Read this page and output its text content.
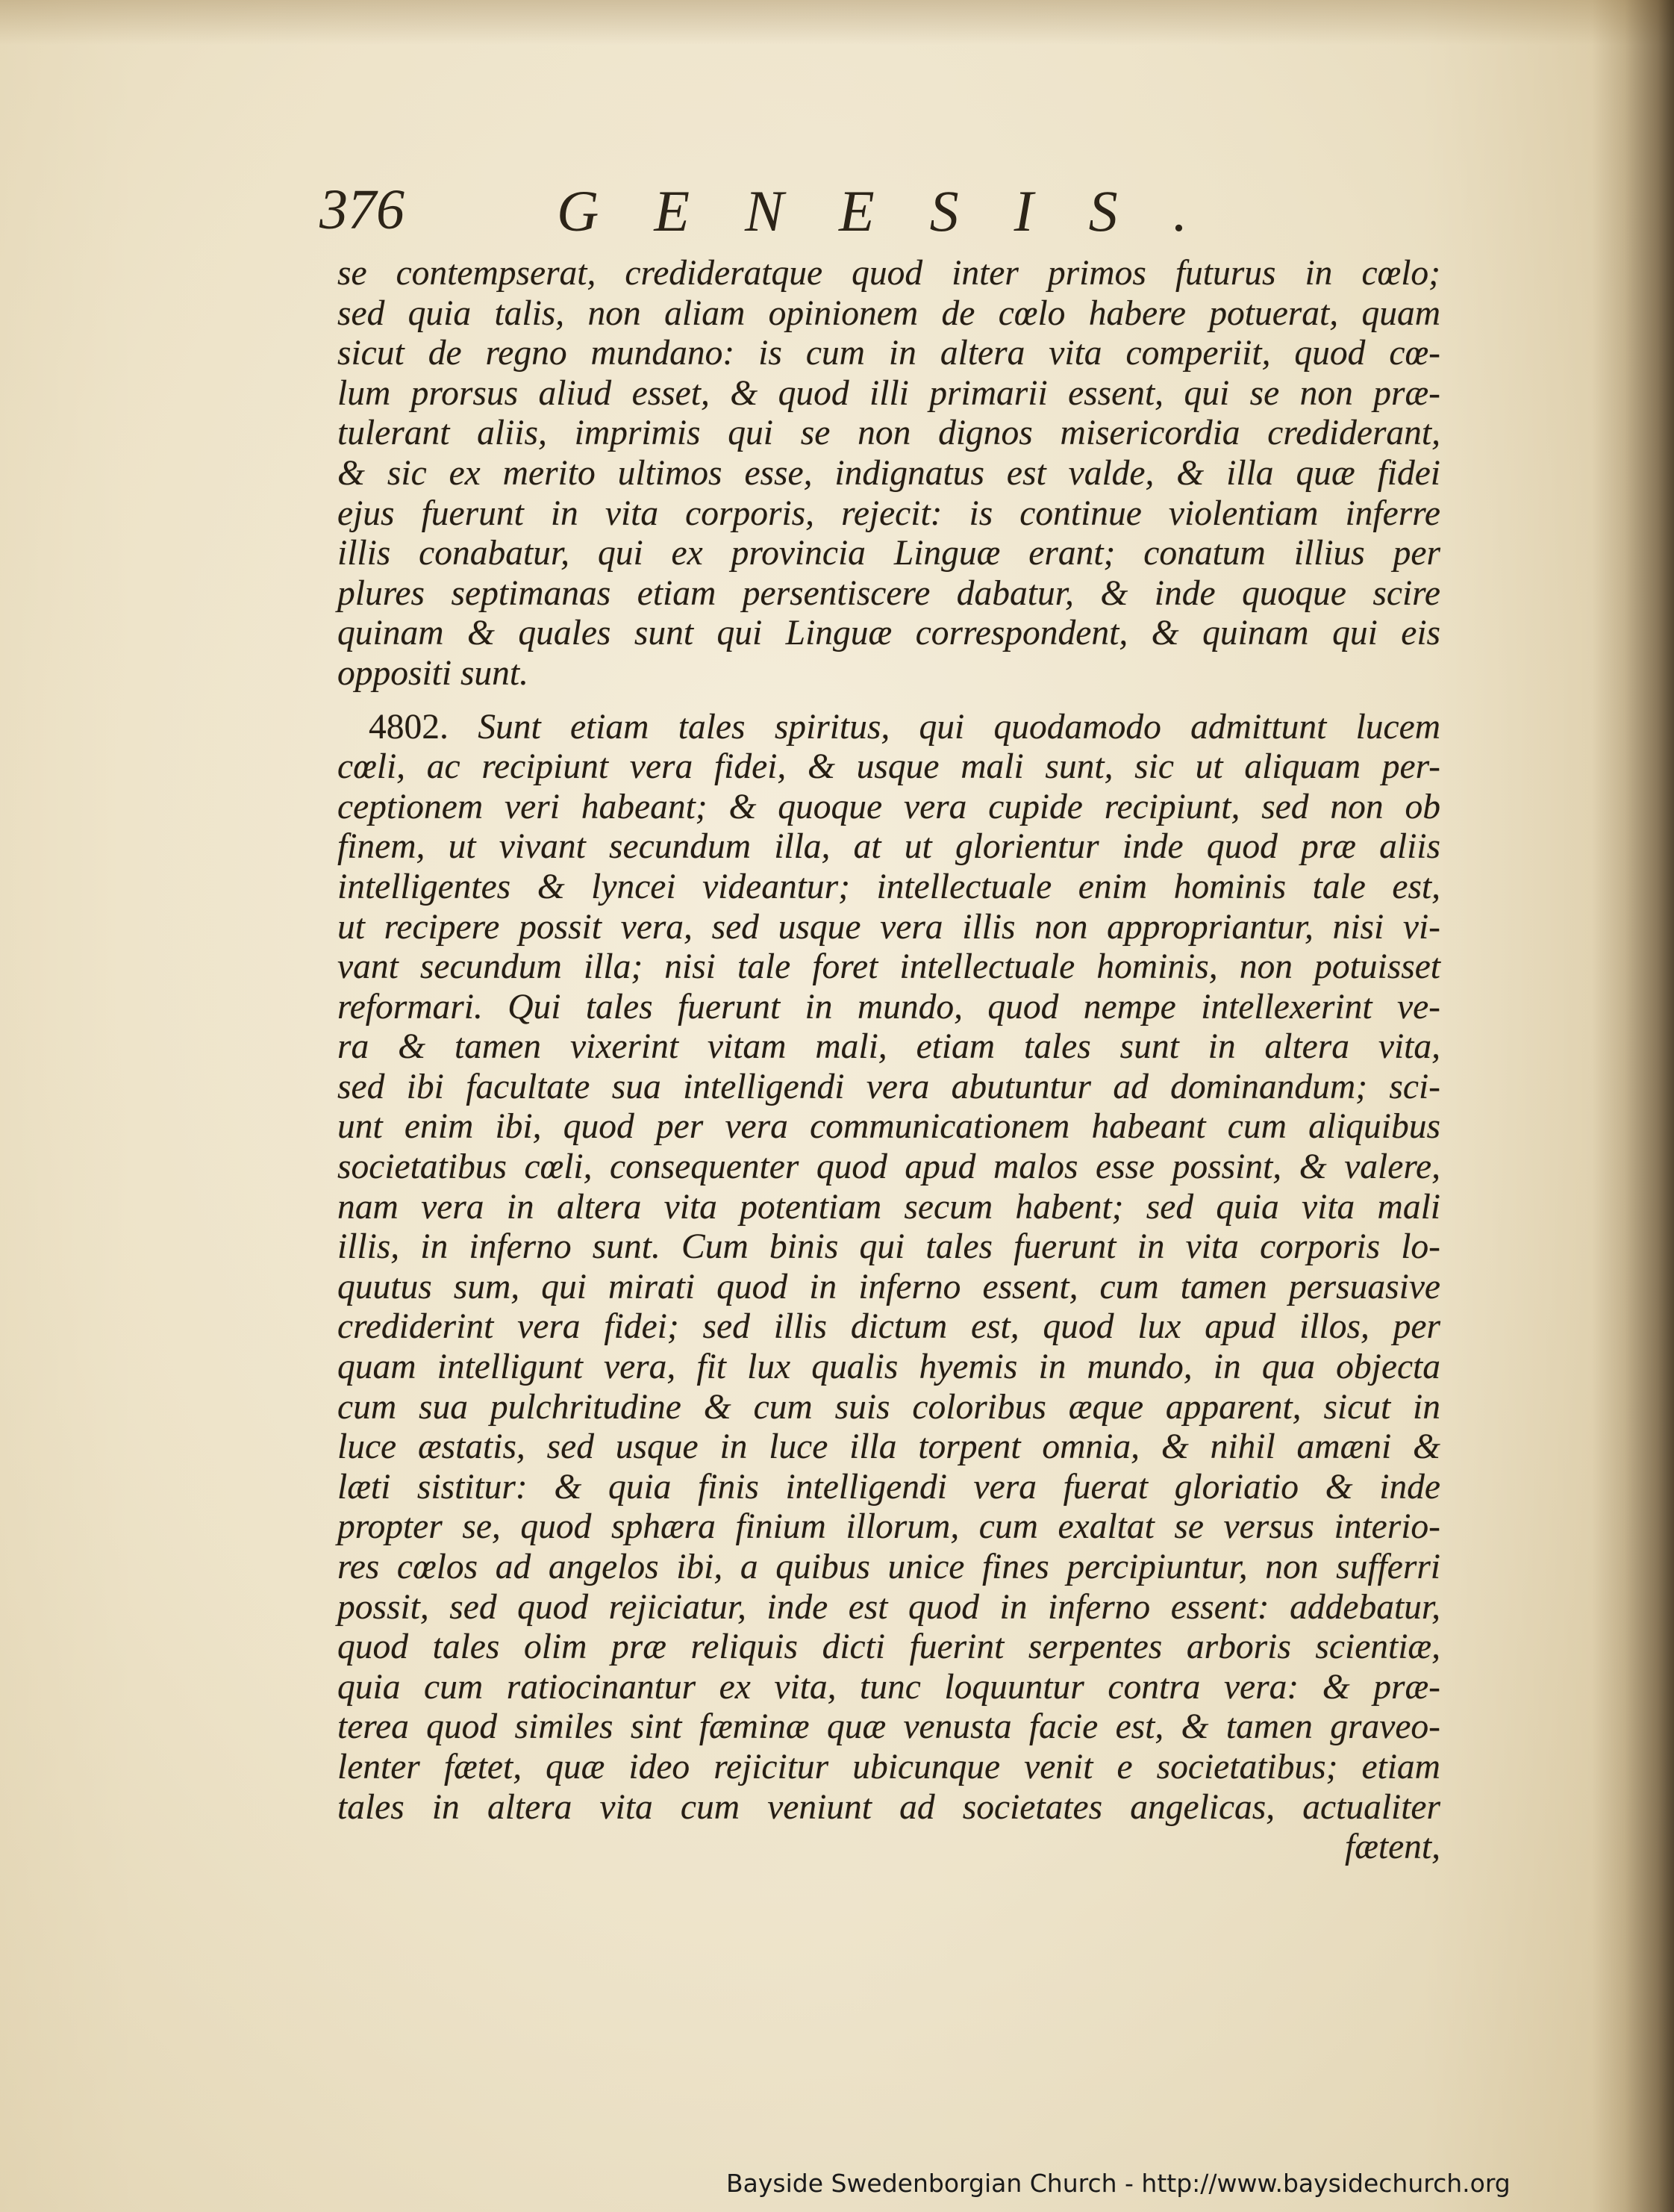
376	GENESIS.
se contempserat, credideratque quod inter primos futurus in cœlo;
sed quia talis, non aliam opinionem de cœlo habere potuerat, quam
sicut de regno mundano: is cum in altera vita comperiit, quod cœ-
lum prorsus aliud esset, & quod illi primarii essent, qui se non præ-
tulerant aliis, imprimis qui se non dignos misericordia crediderant,
& sic ex merito ultimos esse, indignatus est valde, & illa quæ fidei
ejus fuerunt in vita corporis, rejecit: is continue violentiam inferre
illis conabatur, qui ex provincia Linguæ erant; conatum illius per
plures septimanas etiam persentiscere dabatur, & inde quoque scire
quinam & quales sunt qui Linguæ correspondent, & quinam qui eis
oppositi sunt.
4802. Sunt etiam tales spiritus, qui quodamodo admittunt lucem
cœli, ac recipiunt vera fidei, & usque mali sunt, sic ut aliquam per-
ceptionem veri habeant; & quoque vera cupide recipiunt, sed non ob
finem, ut vivant secundum illa, at ut glorientur inde quod præ aliis
intelligentes & lyncei videantur; intellectuale enim hominis tale est,
ut recipere possit vera, sed usque vera illis non appropriantur, nisi vi-
vant secundum illa; nisi tale foret intellectuale hominis, non potuisset
reformari. Qui tales fuerunt in mundo, quod nempe intellexerint ve-
ra & tamen vixerint vitam mali, etiam tales sunt in altera vita,
sed ibi facultate sua intelligendi vera abutuntur ad dominandum; sci-
unt enim ibi, quod per vera communicationem habeant cum aliquibus
societatibus cœli, consequenter quod apud malos esse possint, & valere,
nam vera in altera vita potentiam secum habent; sed quia vita mali
illis, in inferno sunt. Cum binis qui tales fuerunt in vita corporis lo-
quutus sum, qui mirati quod in inferno essent, cum tamen persuasive
crediderint vera fidei; sed illis dictum est, quod lux apud illos, per
quam intelligunt vera, fit lux qualis hyemis in mundo, in qua objecta
cum sua pulchritudine & cum suis coloribus æque apparent, sicut in
luce æstatis, sed usque in luce illa torpent omnia, & nihil amæni &
læti sistitur: & quia finis intelligendi vera fuerat gloriatio & inde
propter se, quod sphæra finium illorum, cum exaltat se versus interio-
res cœlos ad angelos ibi, a quibus unice fines percipiuntur, non sufferri
possit, sed quod rejiciatur, inde est quod in inferno essent: addebatur,
quod tales olim præ reliquis dicti fuerint serpentes arboris scientiæ,
quia cum ratiocinantur ex vita, tunc loquuntur contra vera: & præ-
terea quod similes sint fæminæ quæ venusta facie est, & tamen graveo-
lenter fætet, quæ ideo rejicitur ubicunque venit e societatibus; etiam
tales in altera vita cum veniunt ad societates angelicas, actualiter
fætent,
Bayside Swedenborgian Church - http://www.baysidechurch.org
